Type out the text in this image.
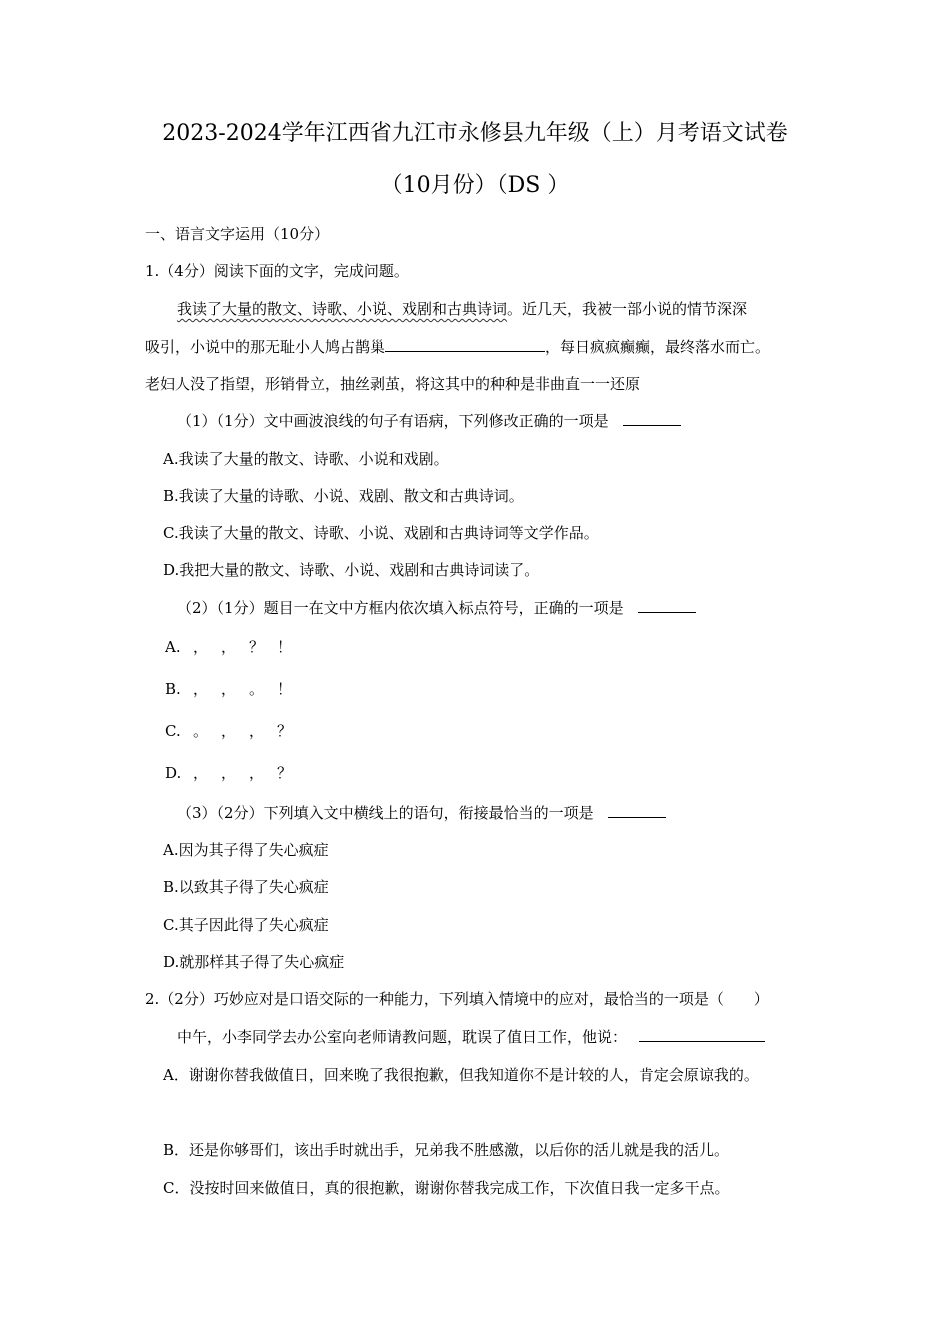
2023-2024学年江西省九江市永修县九年级（上）月考语文试卷
（10月份）（DS ）
一、语言文字运用（10分）
1.（4分）阅读下面的文字，完成问题。
我读了大量的散文、诗歌、小说、戏剧和古典诗词。近几天，我被一部小说的情节深深
吸引，小说中的那无耻小人鸠占鹊巢	，每日疯疯癫癫，最终落水而亡。
老妇人没了指望，形销骨立，抽丝剥茧，将这其中的种种是非曲直一一还原
（1）（1分）文中画波浪线的句子有语病，下列修改正确的一项是
A.我读了大量的散文、诗歌、小说和戏剧。
B.我读了大量的诗歌、小说、戏剧、散文和古典诗词。
C.我读了大量的散文、诗歌、小说、戏剧和古典诗词等文学作品。
D.我把大量的散文、诗歌、小说、戏剧和古典诗词读了。
（2）（1分）题目一在文中方框内依次填入标点符号，正确的一项是
A. ， ， ？ ！
B. ， ， 。 ！
C. 。 ， ， ？
D. ， ， ， ？
（3）（2分）下列填入文中横线上的语句，衔接最恰当的一项是
A.因为其子得了失心疯症
B.以致其子得了失心疯症
C.其子因此得了失心疯症
D.就那样其子得了失心疯症
2.（2分）巧妙应对是口语交际的一种能力，下列填入情境中的应对，最恰当的一项是（　　）
中午，小李同学去办公室向老师请教问题，耽误了值日工作，他说：
A．谢谢你替我做值日，回来晚了我很抱歉，但我知道你不是计较的人，肯定会原谅我的。
B．还是你够哥们，该出手时就出手，兄弟我不胜感激，以后你的活儿就是我的活儿。
C．没按时回来做值日，真的很抱歉，谢谢你替我完成工作，下次值日我一定多干点。
